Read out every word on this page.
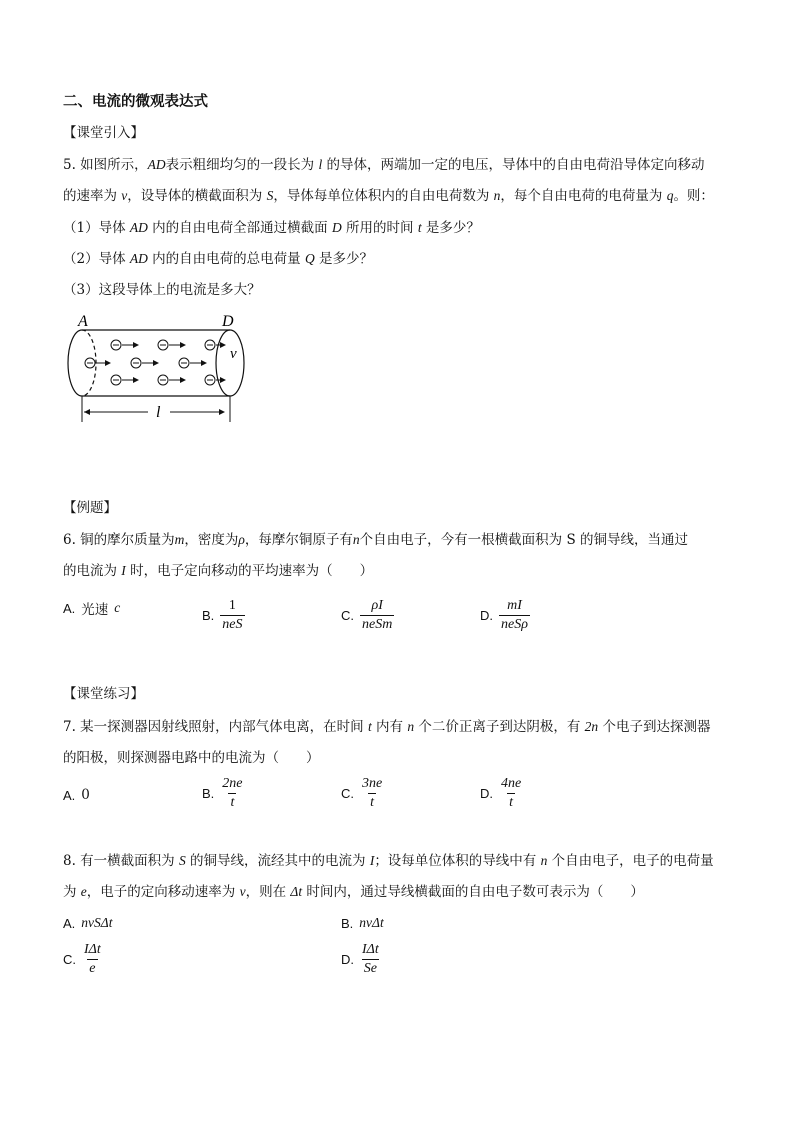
二、电流的微观表达式
【课堂引入】
5. 如图所示，AD表示粗细均匀的一段长为 l 的导体，两端加一定的电压，导体中的自由电荷沿导体定向移动
的速率为 v，设导体的横截面积为 S，导体每单位体积内的自由电荷数为 n，每个自由电荷的电荷量为 q。则：
（1）导体 AD 内的自由电荷全部通过横截面 D 所用的时间 t 是多少？
（2）导体 AD 内的自由电荷的总电荷量 Q 是多少？
（3）这段导体上的电流是多大？
A	D
v
l
【例题】
6. 铜的摩尔质量为m，密度为ρ，每摩尔铜原子有n个自由电子，今有一根横截面积为 S 的铜导线，当通过
的电流为 I 时，电子定向移动的平均速率为（　　）
A. 光速 c
B. $\frac{1}{\text{neS}}$	C. $\frac{\rho I}{\text{neSm}}$	D. $\frac{mI}{\text{neSρ}}$
【课堂练习】
7. 某一探测器因射线照射，内部气体电离，在时间 t 内有 n 个二价正离子到达阴极，有 2n 个电子到达探测器
的阳极，则探测器电路中的电流为（　　）
A. 0	B. $\frac{2ne}{t}$	C. $\frac{3ne}{t}$	D. $\frac{4ne}{t}$
8. 有一横截面积为 S 的铜导线，流经其中的电流为 I；设每单位体积的导线中有 n 个自由电子，电子的电荷量
为 e，电子的定向移动速率为 v，则在 Δt 时间内，通过导线横截面的自由电子数可表示为（　　）
A. nvSΔt	B. nvΔt
C. $\frac{\text{IΔt}}{e}$	D. $\frac{\text{IΔt}}{Se}$
